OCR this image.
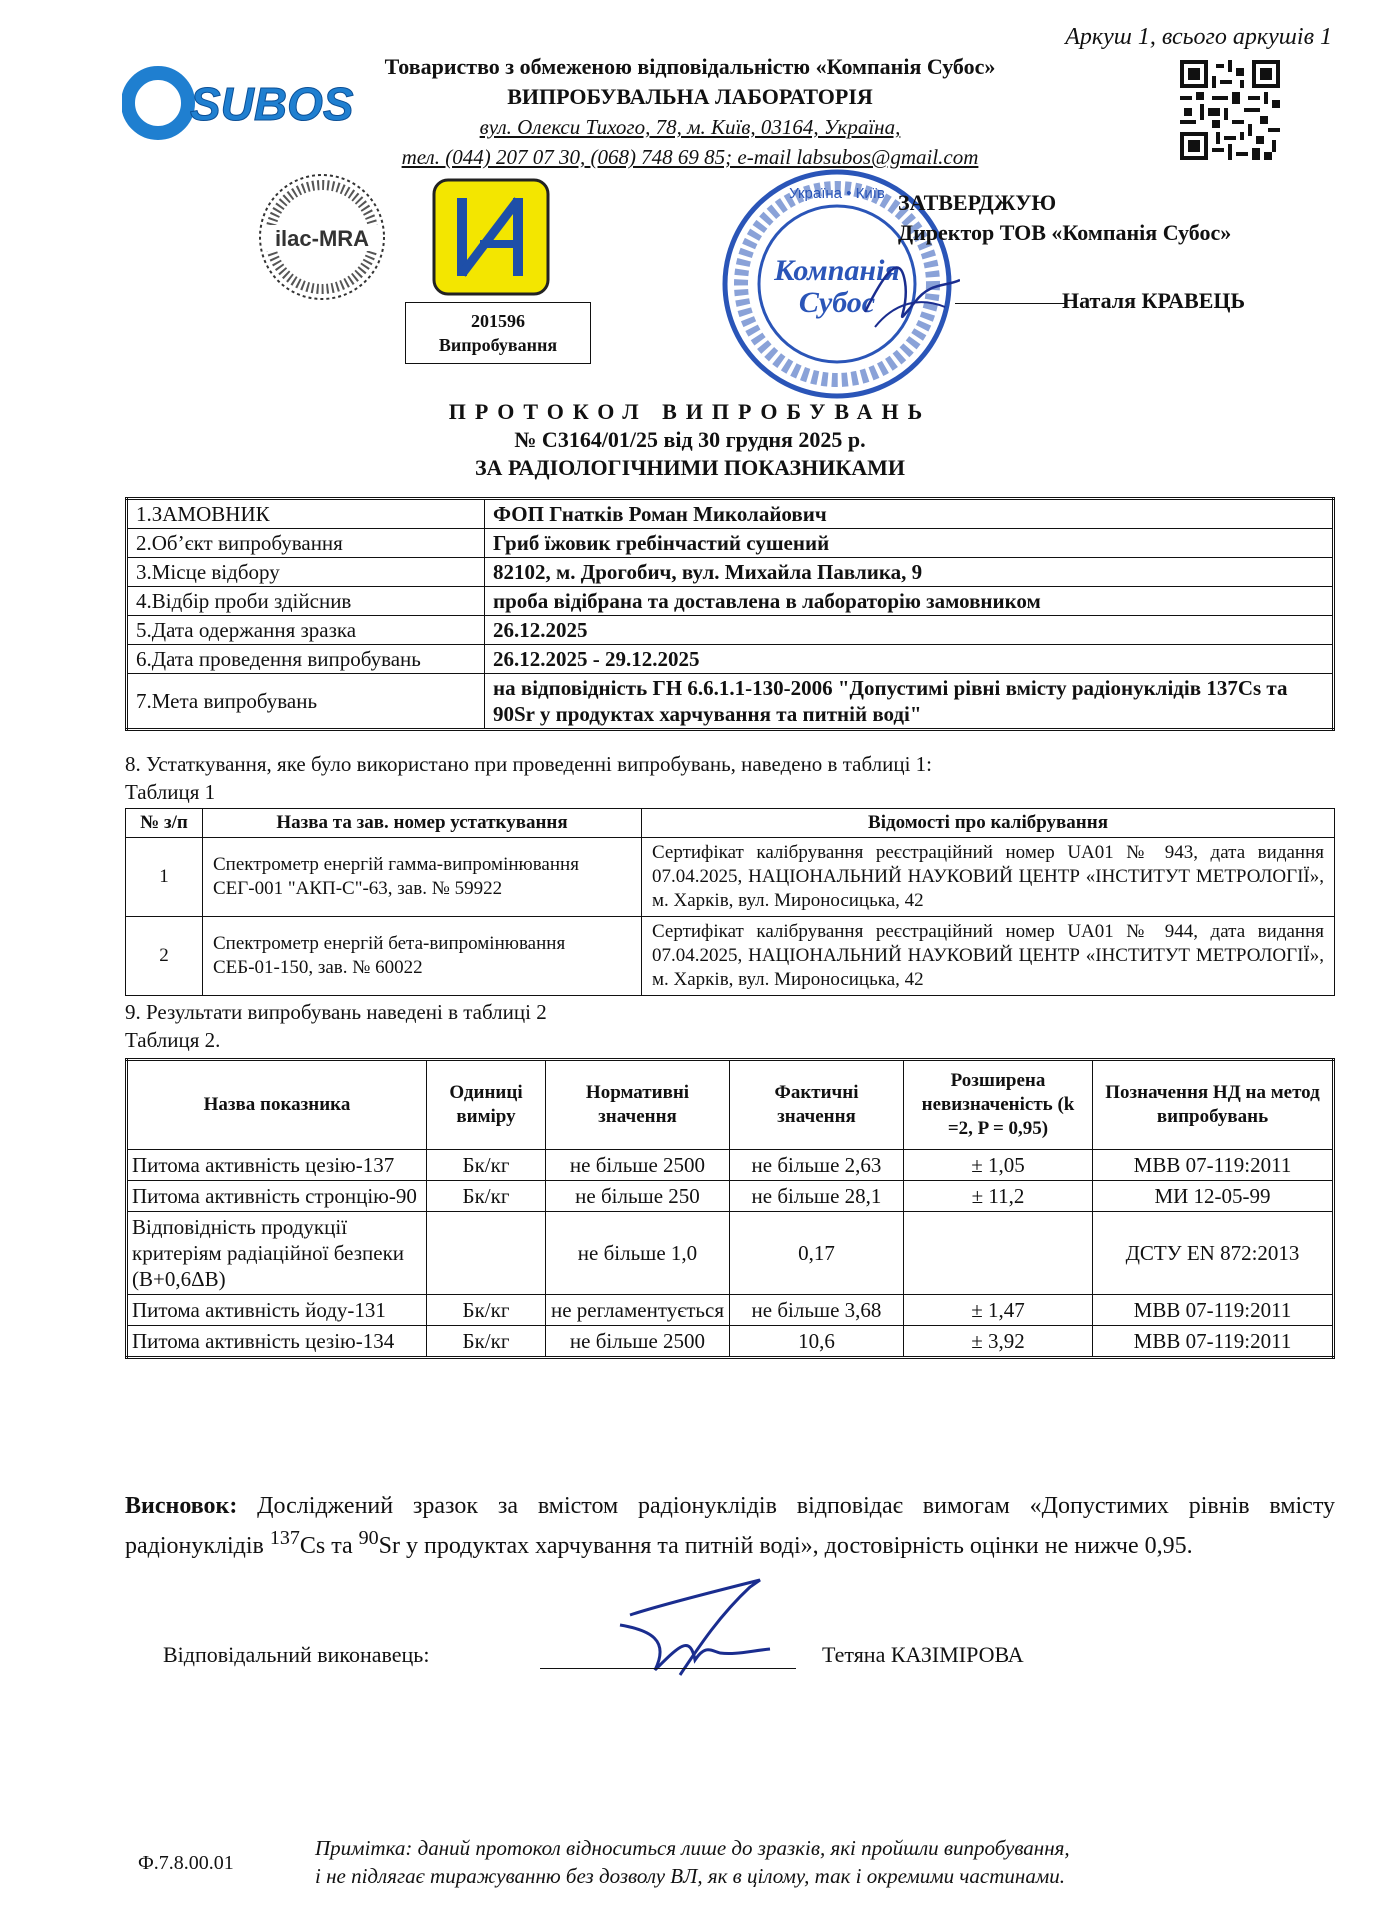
Аркуш 1, всього аркушів 1
SUBOS
Товариство з обмеженою відповідальністю «Компанія Субос»
ВИПРОБУВАЛЬНА ЛАБОРАТОРІЯ
вул. Олекси Тихого, 78, м. Київ, 03164, Україна,
тел. (044) 207 07 30, (068) 748 69 85; e-mail labsubos@gmail.com
ilac-MRA
201596
Випробування
Україна • Київ
Компанія
Субос
ЗАТВЕРДЖУЮ
Директор ТОВ «Компанія Субос»
Наталя КРАВЕЦЬ
ПРОТОКОЛ ВИПРОБУВАНЬ
№ С3164/01/25 від 30 грудня 2025 р.
ЗА РАДІОЛОГІЧНИМИ ПОКАЗНИКАМИ
1.ЗАМОВНИК	ФОП Гнатків Роман Миколайович
2.Об’єкт випробування	Гриб їжовик гребінчастий сушений
3.Місце відбору	82102, м. Дрогобич, вул. Михайла Павлика, 9
4.Відбір проби здійснив	проба відібрана та доставлена в лабораторію замовником
5.Дата одержання зразка	26.12.2025
6.Дата проведення випробувань	26.12.2025 - 29.12.2025
7.Мета випробувань	на відповідність ГН 6.6.1.1-130-2006 "Допустимі рівні вмісту радіонуклідів 137Cs та 90Sr у продуктах харчування та питній воді"
8. Устаткування, яке було використано при проведенні випробувань, наведено в таблиці 1:
Таблиця 1
№ з/п	Назва та зав. номер устаткування	Відомості про калібрування
1	Спектрометр енергій гамма-випромінювання СЕГ-001 "АКП-С"-63, зав. № 59922	Сертифікат калібрування реєстраційний номер UA01 № 943, дата видання 07.04.2025, НАЦІОНАЛЬНИЙ НАУКОВИЙ ЦЕНТР «ІНСТИТУТ МЕТРОЛОГІЇ», м. Харків, вул. Мироносицька, 42
2	Спектрометр енергій бета-випромінювання СЕБ-01-150, зав. № 60022	Сертифікат калібрування реєстраційний номер UA01 № 944, дата видання 07.04.2025, НАЦІОНАЛЬНИЙ НАУКОВИЙ ЦЕНТР «ІНСТИТУТ МЕТРОЛОГІЇ», м. Харків, вул. Мироносицька, 42
9. Результати випробувань наведені в таблиці 2
Таблиця 2.
Назва показника	Одиниці виміру	Нормативні значення	Фактичні значення	Розширена невизначеність (k =2, P = 0,95)	Позначення НД на метод випробувань
Питома активність цезію-137	Бк/кг	не більше 2500	не більше 2,63	± 1,05	МВВ 07-119:2011
Питома активність стронцію-90	Бк/кг	не більше 250	не більше 28,1	± 11,2	МИ 12-05-99
Відповідність продукції критеріям радіаційної безпеки (В+0,6ΔВ)		не більше 1,0	0,17		ДСТУ EN 872:2013
Питома активність йоду-131	Бк/кг	не регламентується	не більше 3,68	± 1,47	МВВ 07-119:2011
Питома активність цезію-134	Бк/кг	не більше 2500	10,6	± 3,92	МВВ 07-119:2011
Висновок: Досліджений зразок за вмістом радіонуклідів відповідає вимогам «Допустимих рівнів вмісту радіонуклідів $^{137}$Cs та $^{90}$Sr у продуктах харчування та питній воді», достовірність оцінки не нижче 0,95.
Відповідальний виконавець:	Тетяна КАЗІМІРОВА
Ф.7.8.00.01
Примітка: даний протокол відноситься лише до зразків, які пройшли випробування,
і не підлягає тиражуванню без дозволу ВЛ, як в цілому, так і окремими частинами.
